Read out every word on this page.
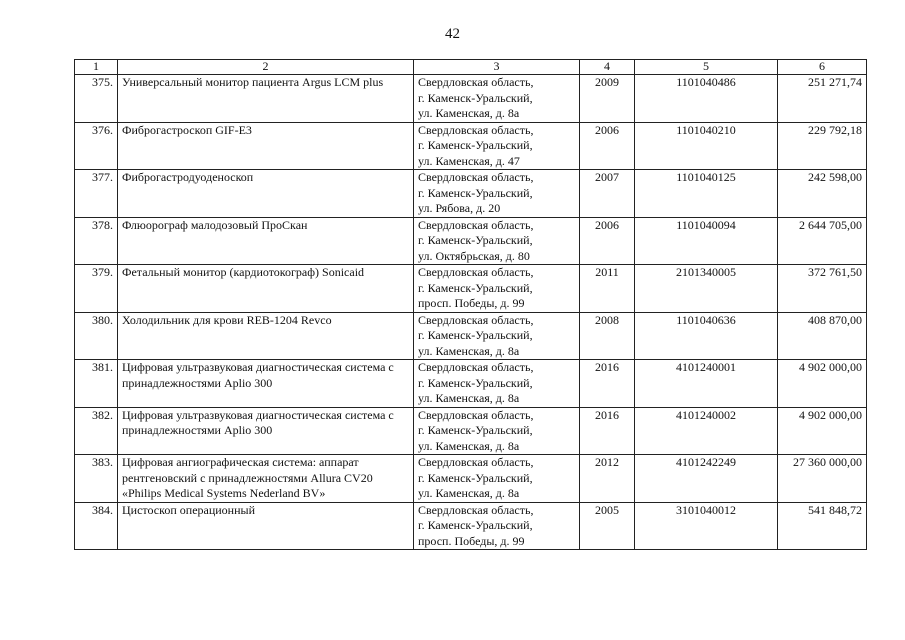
42
1	2	3	4	5	6
375.	Универсальный монитор пациента Argus LCM plus	Свердловская область,
г. Каменск-Уральский,
ул. Каменская, д. 8а	2009	1101040486	251 271,74
376.	Фиброгастроскоп GIF-E3	Свердловская область,
г. Каменск-Уральский,
ул. Каменская, д. 47	2006	1101040210	229 792,18
377.	Фиброгастродуоденоскоп	Свердловская область,
г. Каменск-Уральский,
ул. Рябова, д. 20	2007	1101040125	242 598,00
378.	Флюорограф малодозовый ПроСкан	Свердловская область,
г. Каменск-Уральский,
ул. Октябрьская, д. 80	2006	1101040094	2 644 705,00
379.	Фетальный монитор (кардиотокограф) Sonicaid	Свердловская область,
г. Каменск-Уральский,
просп. Победы, д. 99	2011	2101340005	372 761,50
380.	Холодильник для крови REB-1204 Revco	Свердловская область,
г. Каменск-Уральский,
ул. Каменская, д. 8а	2008	1101040636	408 870,00
381.	Цифровая ультразвуковая диагностическая система с принадлежностями Aplio 300	Свердловская область,
г. Каменск-Уральский,
ул. Каменская, д. 8а	2016	4101240001	4 902 000,00
382.	Цифровая ультразвуковая диагностическая система с принадлежностями Aplio 300	Свердловская область,
г. Каменск-Уральский,
ул. Каменская, д. 8а	2016	4101240002	4 902 000,00
383.	Цифровая ангиографическая система: аппарат рентгеновский с принадлежностями Allura CV20 «Philips Medical Systems Nederland BV»	Свердловская область,
г. Каменск-Уральский,
ул. Каменская, д. 8а	2012	4101242249	27 360 000,00
384.	Цистоскоп операционный	Свердловская область,
г. Каменск-Уральский,
просп. Победы, д. 99	2005	3101040012	541 848,72
